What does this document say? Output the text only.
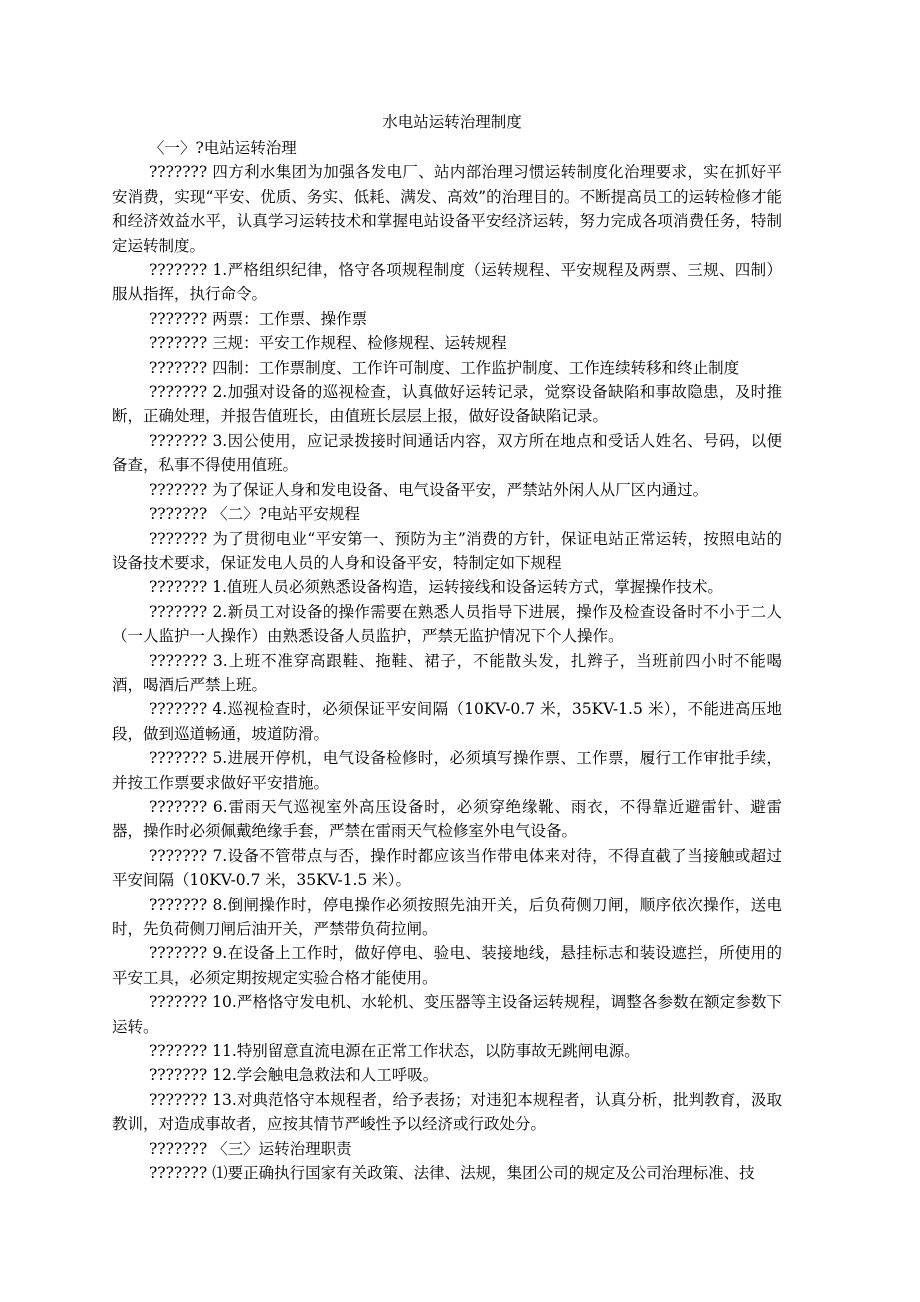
水电站运转治理制度

〈一〉?电站运转治理

??????? 四方利水集团为加强各发电厂、站内部治理习惯运转制度化治理要求，实在抓好平安消费，实现“平安、优质、务实、低耗、满发、高效”的治理目的。不断提高员工的运转检修才能和经济效益水平，认真学习运转技术和掌握电站设备平安经济运转，努力完成各项消费任务，特制定运转制度。

??????? 1.严格组织纪律，恪守各项规程制度（运转规程、平安规程及两票、三规、四制）服从指挥，执行命令。

??????? 两票：工作票、操作票

??????? 三规：平安工作规程、检修规程、运转规程

??????? 四制：工作票制度、工作许可制度、工作监护制度、工作连续转移和终止制度

??????? 2.加强对设备的巡视检查，认真做好运转记录，觉察设备缺陷和事故隐患，及时推断，正确处理，并报告值班长，由值班长层层上报，做好设备缺陷记录。

??????? 3.因公使用，应记录拨接时间通话内容，双方所在地点和受话人姓名、号码，以便备查，私事不得使用值班。

??????? 为了保证人身和发电设备、电气设备平安，严禁站外闲人从厂区内通过。

??????? 〈二〉?电站平安规程

??????? 为了贯彻电业“平安第一、预防为主”消费的方针，保证电站正常运转，按照电站的设备技术要求，保证发电人员的人身和设备平安，特制定如下规程

??????? 1.值班人员必须熟悉设备构造，运转接线和设备运转方式，掌握操作技术。

??????? 2.新员工对设备的操作需要在熟悉人员指导下进展，操作及检查设备时不小于二人（一人监护一人操作）由熟悉设备人员监护，严禁无监护情况下个人操作。

??????? 3.上班不准穿高跟鞋、拖鞋、裙子，不能散头发，扎辫子，当班前四小时不能喝酒，喝酒后严禁上班。

??????? 4.巡视检查时，必须保证平安间隔（10KV-0.7 米，35KV-1.5 米），不能进高压地段，做到巡道畅通，坡道防滑。

??????? 5.进展开停机，电气设备检修时，必须填写操作票、工作票，履行工作审批手续，并按工作票要求做好平安措施。

??????? 6.雷雨天气巡视室外高压设备时，必须穿绝缘靴、雨衣，不得靠近避雷针、避雷器，操作时必须佩戴绝缘手套，严禁在雷雨天气检修室外电气设备。

??????? 7.设备不管带点与否，操作时都应该当作带电体来对待，不得直截了当接触或超过平安间隔（10KV-0.7 米，35KV-1.5 米）。

??????? 8.倒闸操作时，停电操作必须按照先油开关，后负荷侧刀闸，顺序依次操作，送电时，先负荷侧刀闸后油开关，严禁带负荷拉闸。

??????? 9.在设备上工作时，做好停电、验电、装接地线，悬挂标志和装设遮拦，所使用的平安工具，必须定期按规定实验合格才能使用。

??????? 10.严格恪守发电机、水轮机、变压器等主设备运转规程，调整各参数在额定参数下运转。

??????? 11.特别留意直流电源在正常工作状态，以防事故无跳闸电源。

??????? 12.学会触电急救法和人工呼吸。

??????? 13.对典范恪守本规程者，给予表扬；对违犯本规程者，认真分析，批判教育，汲取教训，对造成事故者，应按其情节严峻性予以经济或行政处分。

??????? 〈三〉运转治理职责

??????? ⑴要正确执行国家有关政策、法律、法规，集团公司的规定及公司治理标准、技
